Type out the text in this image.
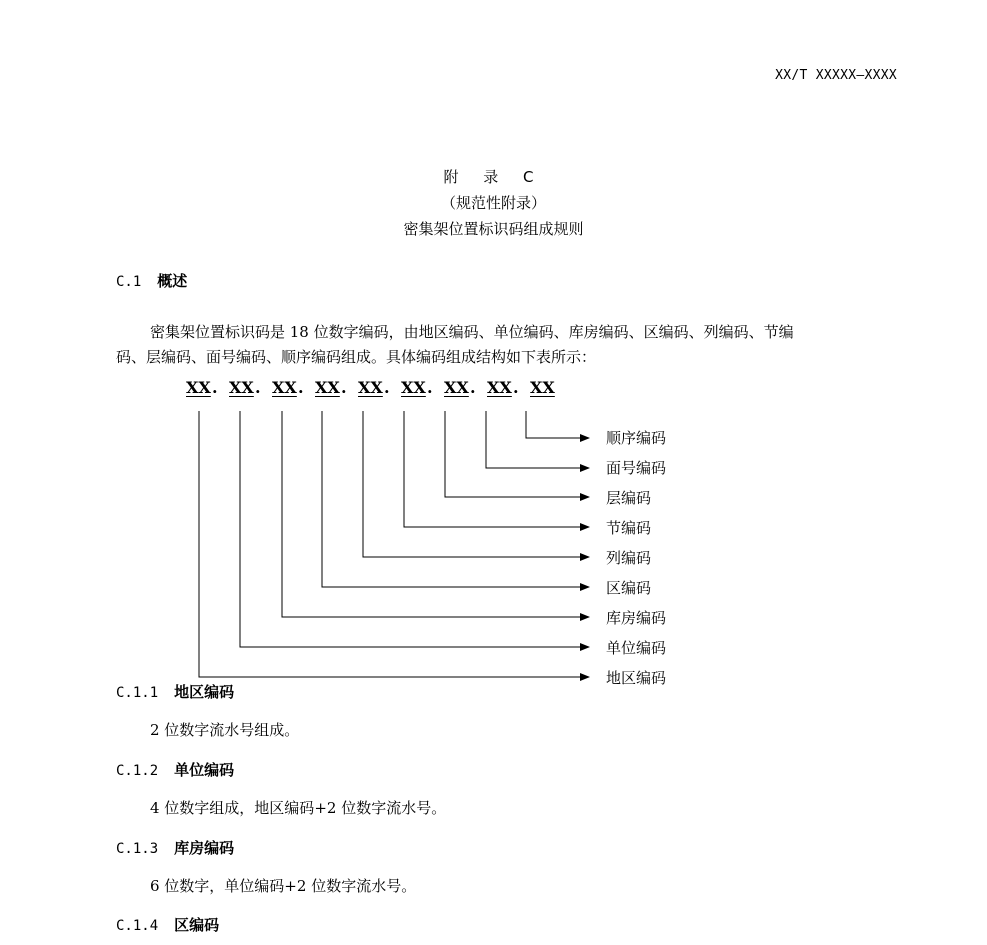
XX/T XXXXX—XXXX
附 录 C
（规范性附录）
密集架位置标识码组成规则
C.1 概述
密集架位置标识码是 18 位数字编码，由地区编码、单位编码、库房编码、区编码、列编码、节编
码、层编码、面号编码、顺序编码组成。具体编码组成结构如下表所示：
XX . XX . XX . XX . XX . XX . XX . XX . XX
顺序编码
面号编码
层编码
节编码
列编码
区编码
库房编码
单位编码
地区编码
C.1.1 地区编码
2 位数字流水号组成。
C.1.2 单位编码
4 位数字组成，地区编码+2 位数字流水号。
C.1.3 库房编码
6 位数字，单位编码+2 位数字流水号。
C.1.4 区编码
